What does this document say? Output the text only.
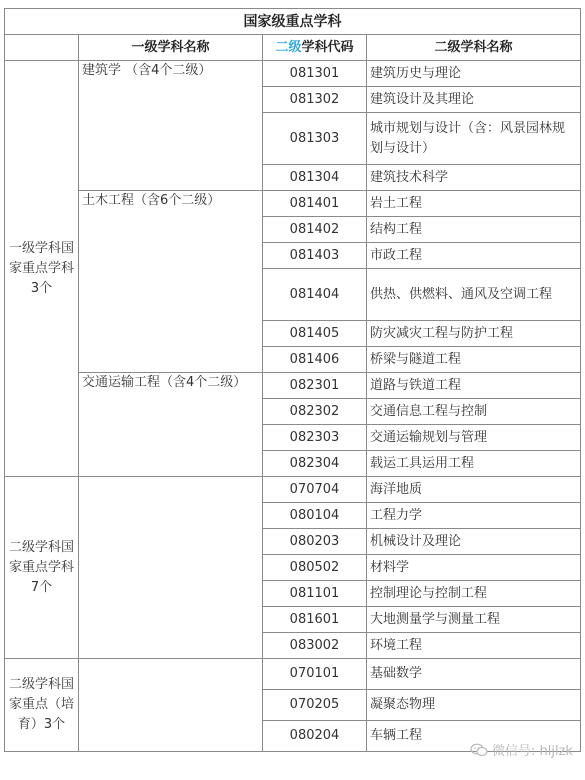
国家级重点学科			
	一级学科名称	二级学科代码	二级学科名称
一级学科国家重点学科3个	建筑学 （含4个二级）	081301	建筑历史与理论
		081302	建筑设计及其理论
		081303	城市规划与设计（含：风景园林规划与设计）
		081304	建筑技术科学
	土木工程（含6个二级）	081401	岩土工程
		081402	结构工程
		081403	市政工程
		081404	供热、供燃料、通风及空调工程
		081405	防灾减灾工程与防护工程
		081406	桥梁与隧道工程
	交通运输工程（含4个二级）	082301	道路与铁道工程
		082302	交通信息工程与控制
		082303	交通运输规划与管理
		082304	载运工具运用工程
二级学科国家重点学科7个		070704	海洋地质
		080104	工程力学
		080203	机械设计及理论
		080502	材料学
		081101	控制理论与控制工程
		081601	大地测量学与测量工程
		083002	环境工程
二级学科国家重点（培育）3个		070101	基础数学
		070205	凝聚态物理
		080204	车辆工程
微信号: hljlzk
